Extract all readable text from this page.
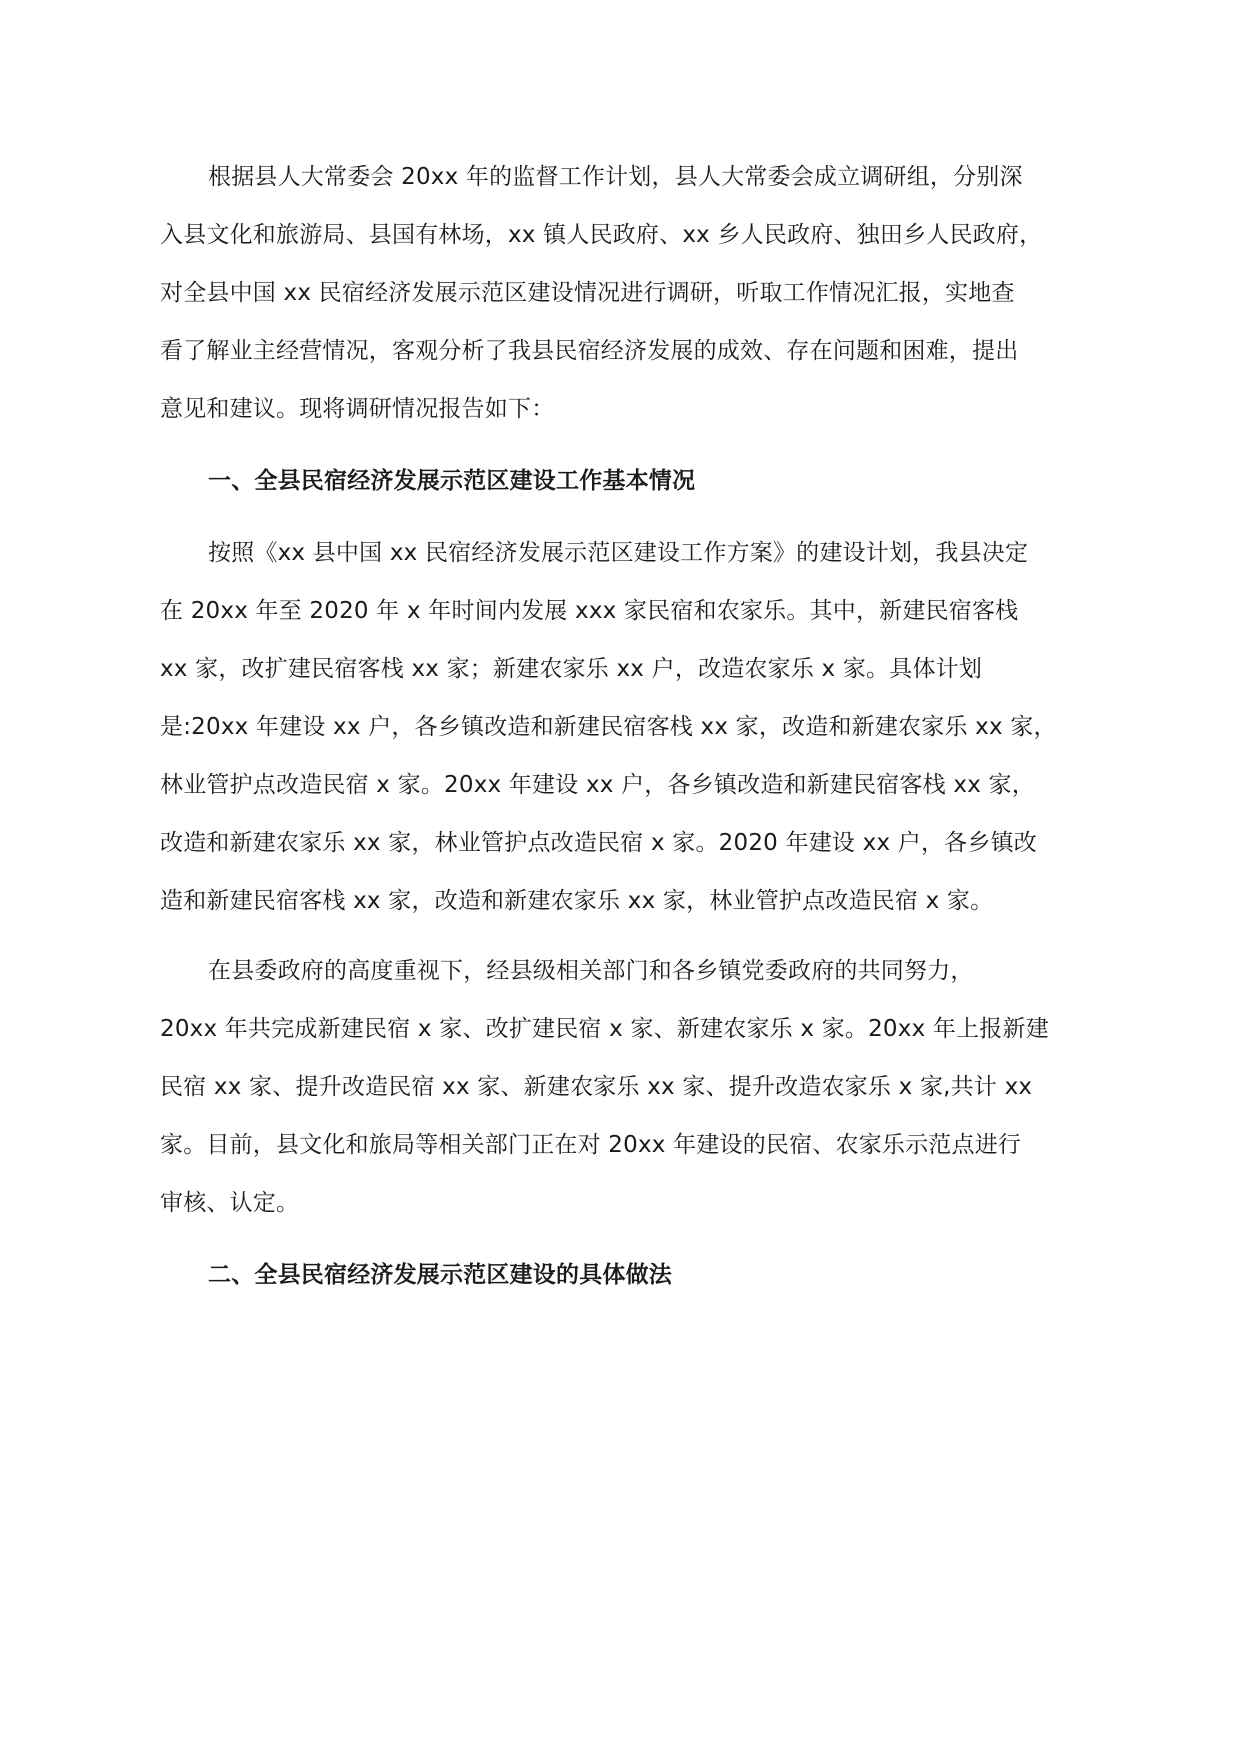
根据县人大常委会 20xx 年的监督工作计划，县人大常委会成立调研组，分别深
入县文化和旅游局、县国有林场，xx 镇人民政府、xx 乡人民政府、独田乡人民政府，
对全县中国 xx 民宿经济发展示范区建设情况进行调研，听取工作情况汇报，实地查
看了解业主经营情况，客观分析了我县民宿经济发展的成效、存在问题和困难，提出
意见和建议。现将调研情况报告如下：
一、全县民宿经济发展示范区建设工作基本情况
按照《xx 县中国 xx 民宿经济发展示范区建设工作方案》的建设计划，我县决定
在 20xx 年至 2020 年 x 年时间内发展 xxx 家民宿和农家乐。其中，新建民宿客栈
xx 家，改扩建民宿客栈 xx 家；新建农家乐 xx 户，改造农家乐 x 家。具体计划
是:20xx 年建设 xx 户，各乡镇改造和新建民宿客栈 xx 家，改造和新建农家乐 xx 家，
林业管护点改造民宿 x 家。20xx 年建设 xx 户，各乡镇改造和新建民宿客栈 xx 家，
改造和新建农家乐 xx 家，林业管护点改造民宿 x 家。2020 年建设 xx 户，各乡镇改
造和新建民宿客栈 xx 家，改造和新建农家乐 xx 家，林业管护点改造民宿 x 家。
在县委政府的高度重视下，经县级相关部门和各乡镇党委政府的共同努力，
20xx 年共完成新建民宿 x 家、改扩建民宿 x 家、新建农家乐 x 家。20xx 年上报新建
民宿 xx 家、提升改造民宿 xx 家、新建农家乐 xx 家、提升改造农家乐 x 家,共计 xx
家。目前，县文化和旅局等相关部门正在对 20xx 年建设的民宿、农家乐示范点进行
审核、认定。
二、全县民宿经济发展示范区建设的具体做法
